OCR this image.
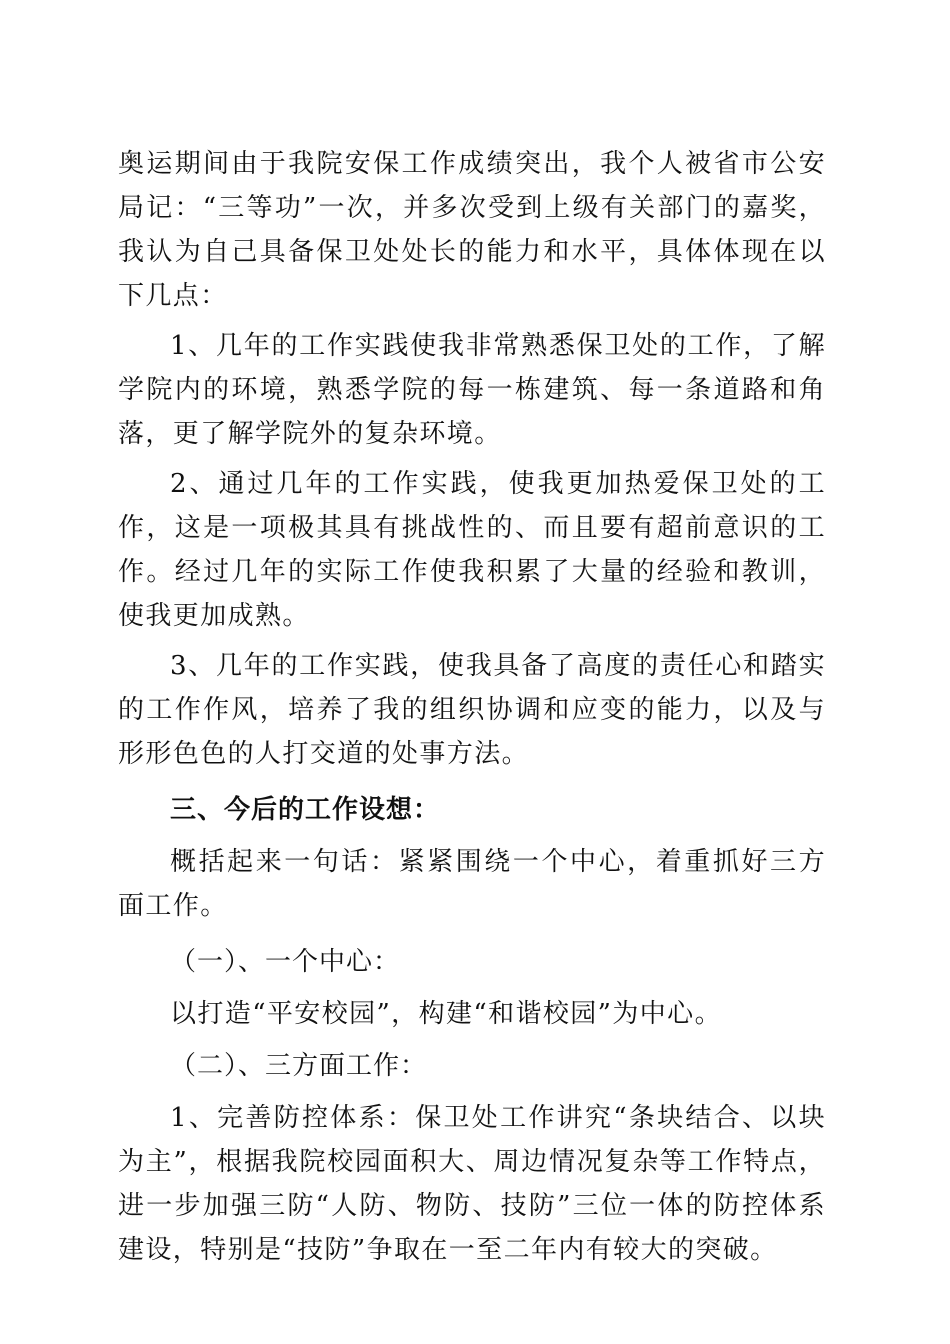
奥运期间由于我院安保工作成绩突出，我个人被省市公安局记：“三等功”一次，并多次受到上级有关部门的嘉奖，我认为自己具备保卫处处长的能力和水平，具体体现在以下几点：

1、几年的工作实践使我非常熟悉保卫处的工作，了解学院内的环境，熟悉学院的每一栋建筑、每一条道路和角落，更了解学院外的复杂环境。

2、通过几年的工作实践，使我更加热爱保卫处的工作，这是一项极其具有挑战性的、而且要有超前意识的工作。经过几年的实际工作使我积累了大量的经验和教训，使我更加成熟。

3、几年的工作实践，使我具备了高度的责任心和踏实的工作作风，培养了我的组织协调和应变的能力，以及与形形色色的人打交道的处事方法。

三、今后的工作设想：

概括起来一句话：紧紧围绕一个中心，着重抓好三方面工作。

（一）、一个中心：

以打造“平安校园”，构建“和谐校园”为中心。

（二）、三方面工作：

1、完善防控体系：保卫处工作讲究“条块结合、以块为主”，根据我院校园面积大、周边情况复杂等工作特点，进一步加强三防“人防、物防、技防”三位一体的防控体系建设，特别是“技防”争取在一至二年内有较大的突破。
